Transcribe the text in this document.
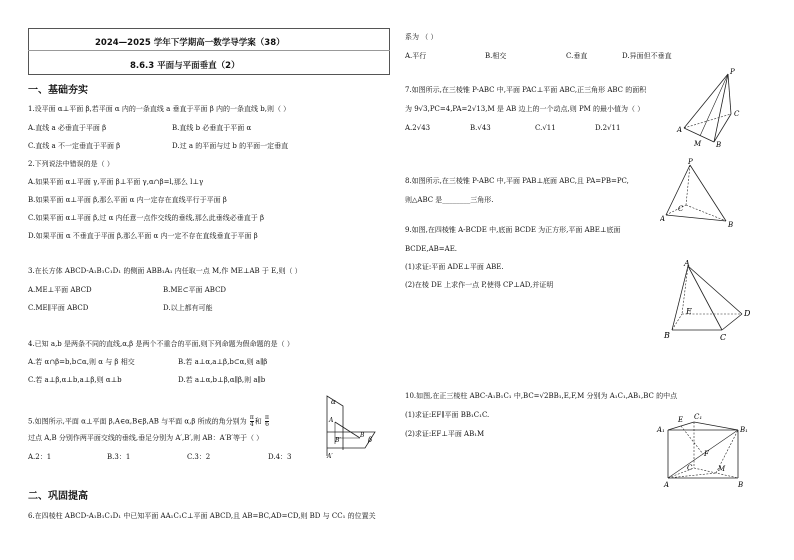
2024—2025 学年下学期高一数学导学案（38）
8.6.3 平面与平面垂直（2）
一、基础夯实
1.设平面 α⊥平面 β,若平面 α 内的一条直线 a 垂直于平面 β 内的一条直线 b,则（ ）
A.直线 a 必垂直于平面 β	B.直线 b 必垂直于平面 α
C.直线 a 不一定垂直于平面 β	D.过 a 的平面与过 b 的平面一定垂直
2.下列说法中错误的是（ ）
A.如果平面 α⊥平面 γ,平面 β⊥平面 γ,α∩β=l,那么 l⊥γ
B.如果平面 α⊥平面 β,那么平面 α 内一定存在直线平行于平面 β
C.如果平面 α⊥平面 β,过 α 内任意一点作交线的垂线,那么此垂线必垂直于 β
D.如果平面 α 不垂直于平面 β,那么平面 α 内一定不存在直线垂直于平面 β
3.在长方体 ABCD-A₁B₁C₁D₁ 的侧面 ABB₁A₁ 内任取一点 M,作 ME⊥AB 于 E,则（ ）
A.ME⊥平面 ABCD	B.ME⊂平面 ABCD
C.ME∥平面 ABCD	D.以上都有可能
4.已知 a,b 是两条不同的直线,α,β 是两个不重合的平面,则下列命题为假命题的是（ ）
A.若 α∩β=b,b⊂α,则 α 与 β 相交	B.若 a⊥α,a⊥β,b⊂α,则 a∥β
C.若 a⊥β,α⊥b,a⊥β,则 α⊥b	D.若 a⊥α,b⊥β,α∥β,则 a∥b
5.如图所示,平面 α⊥平面 β,A∈α,B∈β,AB 与平面 α,β 所成的角分别为 $\frac{\pi}{4}$ 和 $\frac{\pi}{6}$
过点 A,B 分别作两平面交线的垂线,垂足分别为 A′,B′,则 AB：A′B′等于（ ）
A.2：1	B.3：1	C.3：2	D.4：3
α
β
A
B
A′
B′
二、巩固提高
6.在四棱柱 ABCD-A₁B₁C₁D₁ 中已知平面 AA₁C₁C⊥平面 ABCD,且 AB=BC,AD=CD,则 BD 与 CC₁ 的位置关
系为 （ ）
A.平行	B.相交	C.垂直	D.异面但不垂直
7.如图所示,在三棱锥 P-ABC 中,平面 PAC⊥平面 ABC,正三角形 ABC 的面积
为 9√3,PC=4,PA=2√13,M 是 AB 边上的一个动点,则 PM 的最小值为（ ）
A.2√43	B.√43	C.√11	D.2√11
P
C
A
M B
8.如图所示,在三棱锥 P-ABC 中,平面 PAB⊥底面 ABC,且 PA=PB=PC,
则△ABC 是________三角形.
P
A
B
C
9.如图,在四棱锥 A-BCDE 中,底面 BCDE 为正方形,平面 ABE⊥底面
BCDE,AB=AE.
(1)求证:平面 ADE⊥平面 ABE.
(2)在棱 DE 上求作一点 P,使得 CP⊥AD,并证明
A
E	D
B	C
10.如图,在正三棱柱 ABC-A₁B₁C₁ 中,BC=√2BB₁,E,F,M 分别为 A₁C₁,AB₁,BC 的中点
(1)求证:EF∥平面 BB₁C₁C.
(2)求证:EF⊥平面 AB₁M
E C₁
A₁	B₁
F
C	M
A	B
